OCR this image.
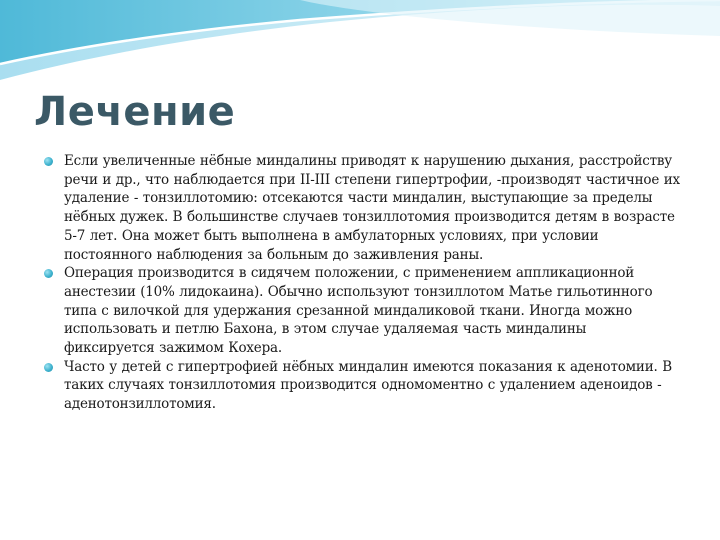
Лечение
Если увеличенные нёбные миндалины приводят к нарушению дыхания, расстройству речи и др., что наблюдается при II-III степени гипертрофии, -производят частичное их удаление - тонзиллотомию: отсекаются части миндалин, выступающие за пределы нёбных дужек. В большинстве случаев тонзиллотомия производится детям в возрасте 5-7 лет. Она может быть выполнена в амбулаторных условиях, при условии постоянного наблюдения за больным до заживления раны.
Операция производится в сидячем положении, с применением аппликационной анестезии (10% лидокаина). Обычно используют тонзиллотом Матье гильотинного типа с вилочкой для удержания срезанной миндаликовой ткани. Иногда можно использовать и петлю Бахона, в этом случае удаляемая часть миндалины фиксируется зажимом Кохера.
Часто у детей с гипертрофией нёбных миндалин имеются показания к аденотомии. В таких случаях тонзиллотомия производится одномоментно с удалением аденоидов - аденотонзиллотомия.
